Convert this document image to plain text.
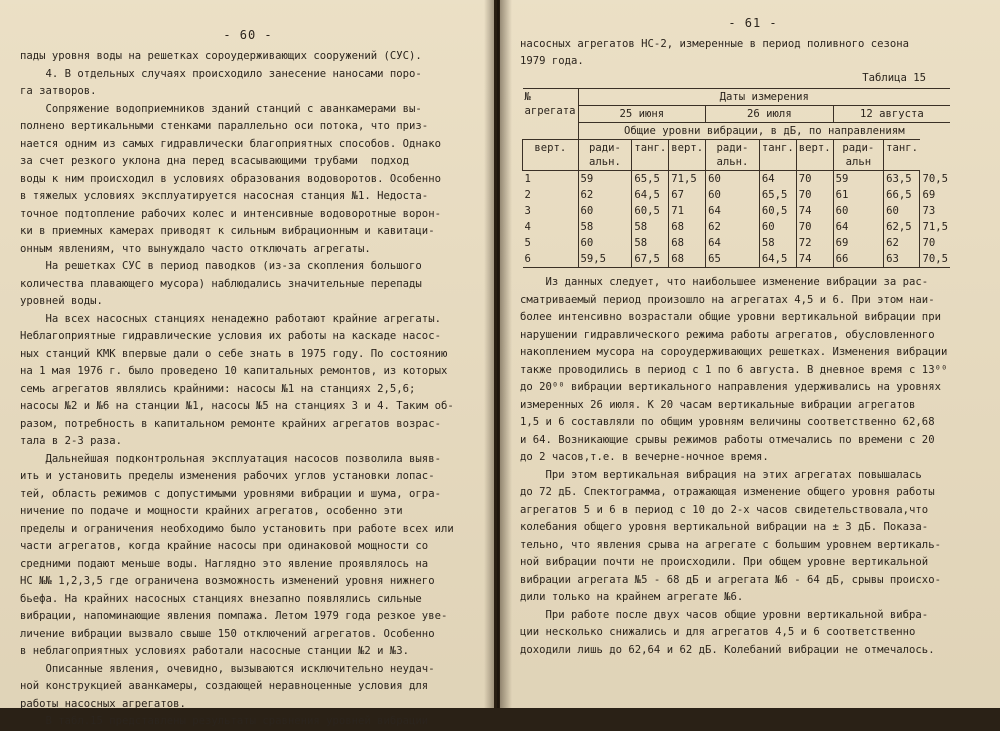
- 60 -
пады уровня воды на решетках сороудерживающих сооружений (СУС).
4. В отдельных случаях происходило занесение наносами поро-
га затворов.
Сопряжение водоприемников зданий станций с аванкамерами вы-
полнено вертикальными стенками параллельно оси потока, что приз-
нается одним из самых гидравлически благоприятных способов. Однако
за счет резкого уклона дна перед всасывающими трубами  подход
воды к ним происходил в условиях образования водоворотов. Особенно
в тяжелых условиях эксплуатируется насосная станция №1. Недоста-
точное подтопление рабочих колес и интенсивные водоворотные ворон-
ки в приемных камерах приводят к сильным вибрационным и кавитаци-
онным явлениям, что вынуждало часто отключать агрегаты.
На решетках СУС в период паводков (из-за скопления большого
количества плавающего мусора) наблюдались значительные перепады
уровней воды.
На всех насосных станциях ненадежно работают крайние агрегаты.
Неблагоприятные гидравлические условия их работы на каскаде насос-
ных станций КМК впервые дали о себе знать в 1975 году. По состоянию
на 1 мая 1976 г. было проведено 10 капитальных ремонтов, из которых
семь агрегатов являлись крайними: насосы №1 на станциях 2,5,6;
насосы №2 и №6 на станции №1, насосы №5 на станциях 3 и 4. Таким об-
разом, потребность в капитальном ремонте крайних агрегатов возрас-
тала в 2-3 раза.
Дальнейшая подконтрольная эксплуатация насосов позволила выяв-
ить и установить пределы изменения рабочих углов установки лопас-
тей, область режимов с допустимыми уровнями вибрации и шума, огра-
ничение по подаче и мощности крайних агрегатов, особенно эти
пределы и ограничения необходимо было установить при работе всех или
части агрегатов, когда крайние насосы при одинаковой мощности со
средними подают меньше воды. Наглядно это явление проявлялось на
НС №№ 1,2,3,5 где ограничена возможность изменений уровня нижнего
бьефа. На крайних насосных станциях внезапно появлялись сильные
вибрации, напоминающие явления помпажа. Летом 1979 года резкое уве-
личение вибрации вызвало свыше 150 отключений агрегатов. Особенно
в неблагоприятных условиях работали насосные станции №2 и №3.
Описанные явления, очевидно, вызываются исключительно неудач-
ной конструкцией аванкамеры, создающей неравноценные условия для
работы насосных агрегатов.
В табл.15 представлены результаты сравнения уровней вибрации
- 61 -
насосных агрегатов НС-2, измеренные в период поливного сезона
1979 года.
Таблица 15
№ агрегата	Даты измерения								
	25 июня			26 июля			12 августа		
	Общие уровни вибрации, в дБ, по направлениям								
верт.	ради-альн.	танг.	верт.	ради-альн.	танг.	верт.	ради-альн	танг.	
1	59	65,5	71,5	60	64	70	59	63,5	70,5
2	62	64,5	67	60	65,5	70	61	66,5	69
3	60	60,5	71	64	60,5	74	60	60	73
4	58	58	68	62	60	70	64	62,5	71,5
5	60	58	68	64	58	72	69	62	70
6	59,5	67,5	68	65	64,5	74	66	63	70,5
Из данных следует, что наибольшее изменение вибрации за рас-
сматриваемый период произошло на агрегатах 4,5 и 6. При этом наи-
более интенсивно возрастали общие уровни вертикальной вибрации при
нарушении гидравлического режима работы агрегатов, обусловленного
накоплением мусора на сороудерживающих решетках. Изменения вибрации
также проводились в период с 1 по 6 августа. В дневное время с 13⁰⁰
до 20⁰⁰ вибрации вертикального направления удерживались на уровнях
измеренных 26 июля. К 20 часам вертикальные вибрации агрегатов
1,5 и 6 составляли по общим уровням величины соответственно 62,68
и 64. Возникающие срывы режимов работы отмечались по времени с 20
до 2 часов,т.е. в вечерне-ночное время.
При этом вертикальная вибрация на этих агрегатах повышалась
до 72 дБ. Спектограмма, отражающая изменение общего уровня работы
агрегатов 5 и 6 в период с 10 до 2-х часов свидетельствовала,что
колебания общего уровня вертикальной вибрации на ± 3 дБ. Показа-
тельно, что явления срыва на агрегате с большим уровнем вертикаль-
ной вибрации почти не происходили. При общем уровне вертикальной
вибрации агрегата №5 - 68 дБ и агрегата №6 - 64 дБ, срывы происхо-
дили только на крайнем агрегате №6.
При работе после двух часов общие уровни вертикальной вибра-
ции несколько снижались и для агрегатов 4,5 и 6 соответственно
доходили лишь до 62,64 и 62 дБ. Колебаний вибрации не отмечалось.
